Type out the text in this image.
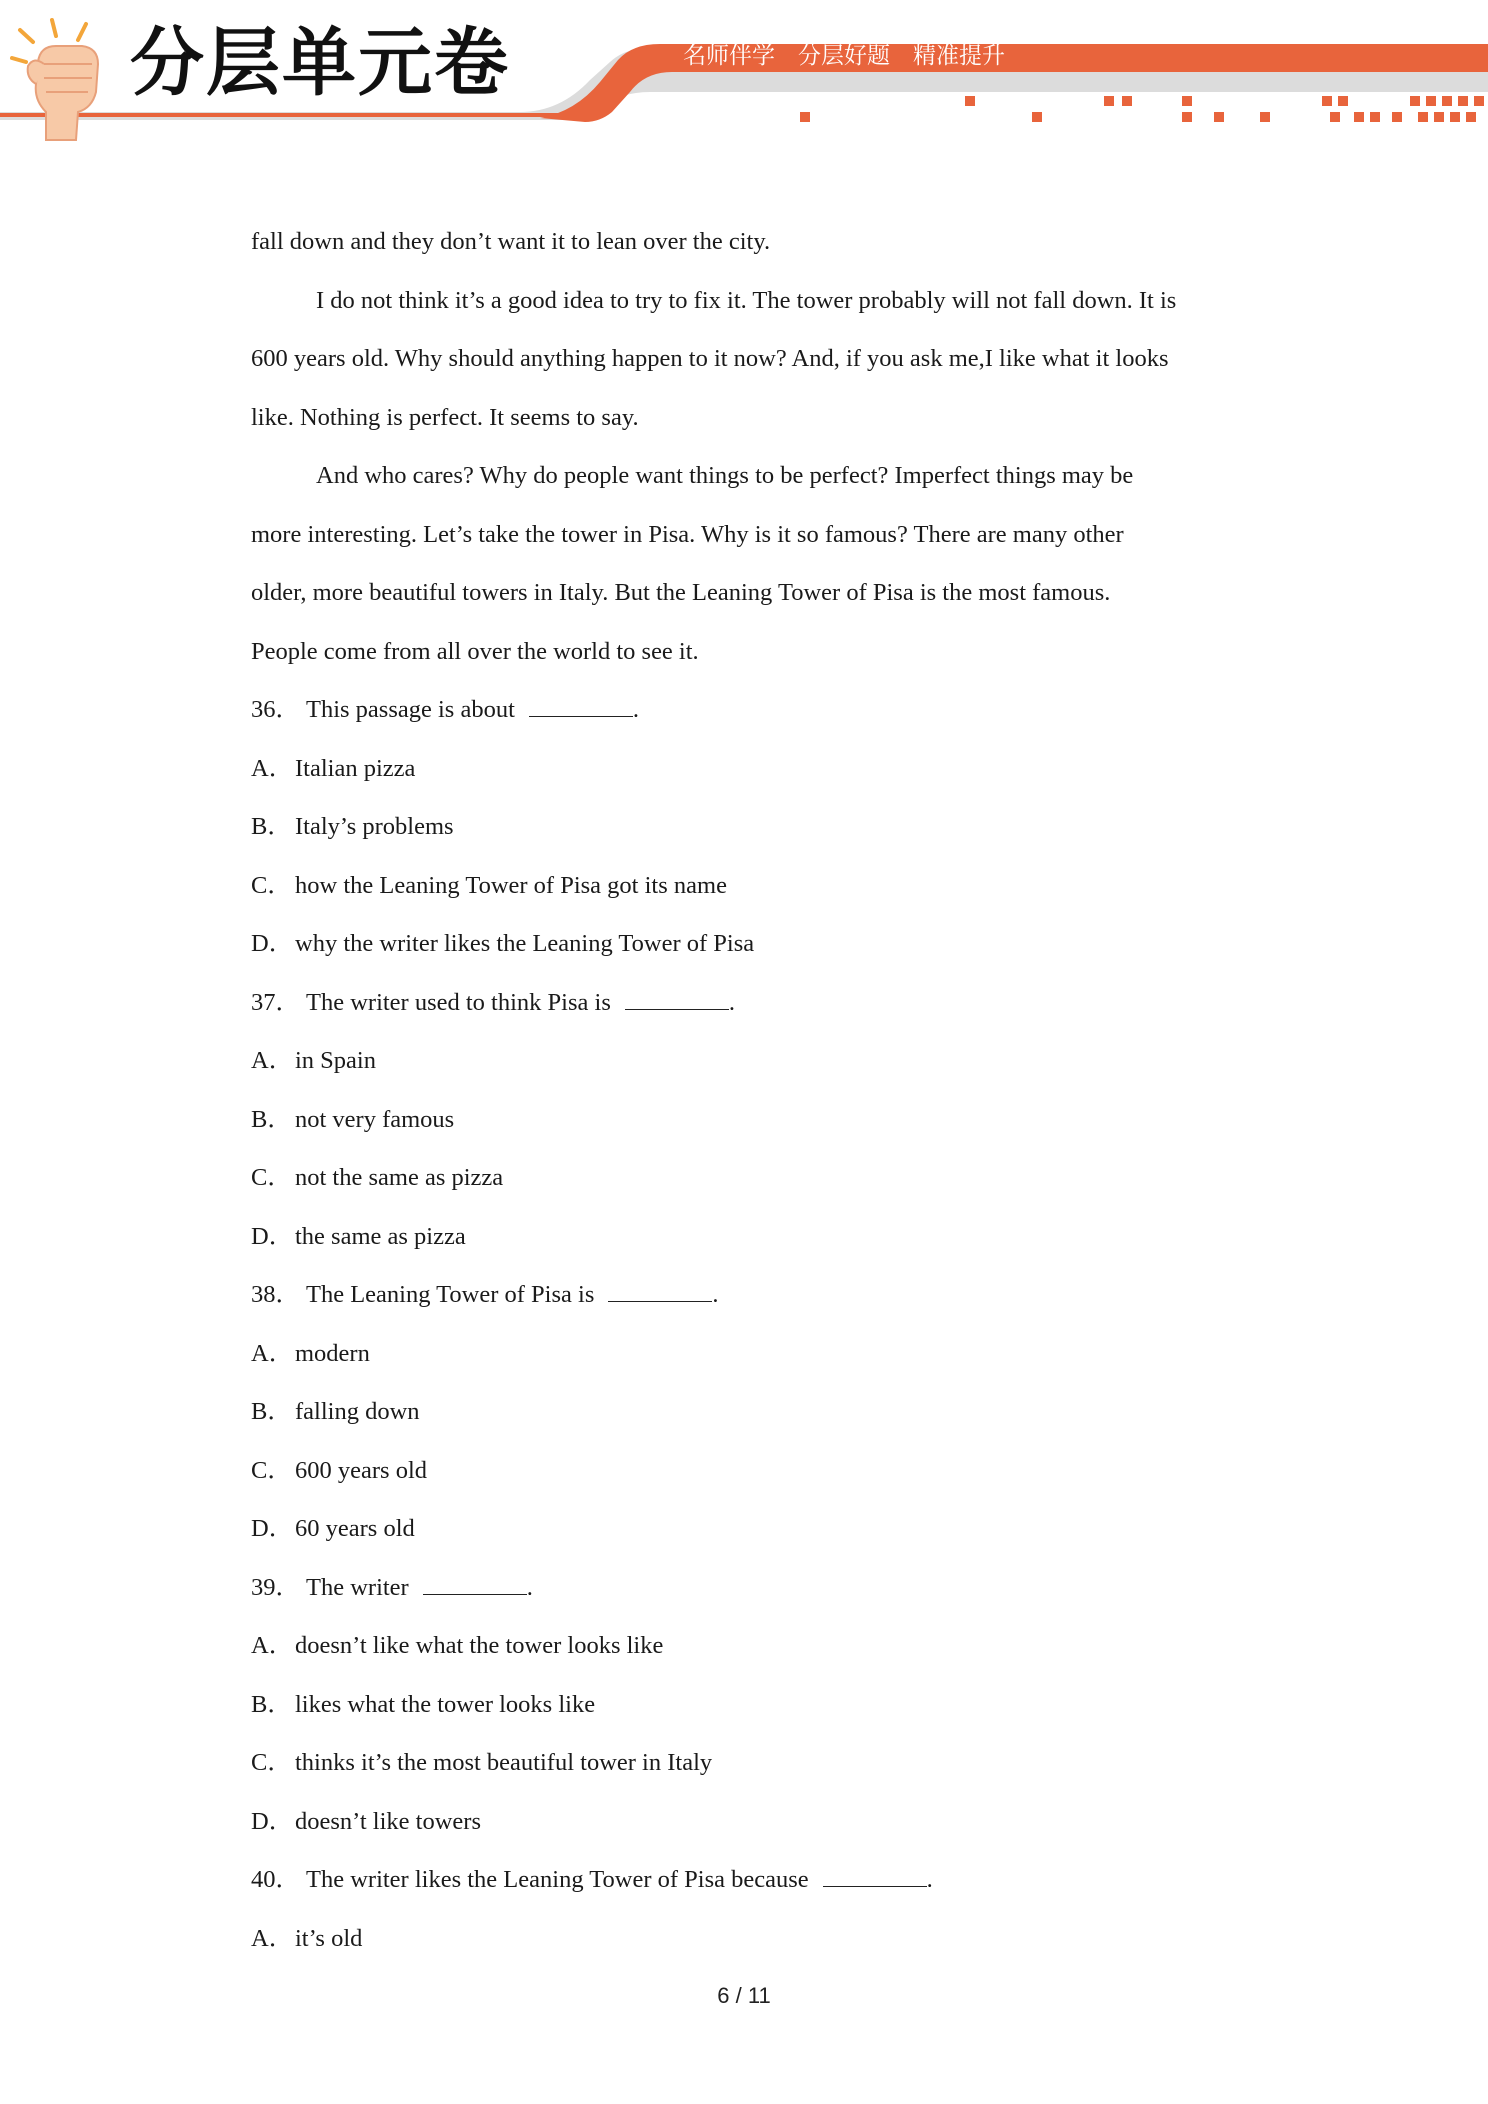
分层单元卷	名师伴学　分层好题　精准提升
fall down and they don’t want it to lean over the city.
I do not think it’s a good idea to try to fix it. The tower probably will not fall down. It is
600 years old. Why should anything happen to it now? And, if you ask me,I like what it looks
like. Nothing is perfect. It seems to say.
And who cares? Why do people want things to be perfect? Imperfect things may be
more interesting. Let’s take the tower in Pisa. Why is it so famous? There are many other
older, more beautiful towers in Italy. But the Leaning Tower of Pisa is the most famous.
People come from all over the world to see it.
36． This passage is about	.
A．Italian pizza
B． Italy’s problems
C． how the Leaning Tower of Pisa got its name
D．why the writer likes the Leaning Tower of Pisa
37． The writer used to think Pisa is	.
A．in Spain
B． not very famous
C． not the same as pizza
D．the same as pizza
38． The Leaning Tower of Pisa is	.
A．modern
B． falling down
C． 600 years old
D．60 years old
39． The writer	.
A．doesn’t like what the tower looks like
B． likes what the tower looks like
C． thinks it’s the most beautiful tower in Italy
D．doesn’t like towers
40． The writer likes the Leaning Tower of Pisa because	.
A．it’s old
6 / 11
